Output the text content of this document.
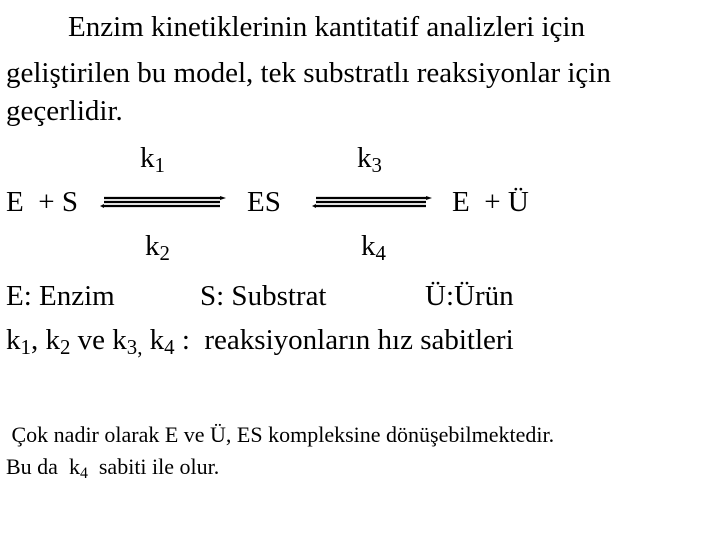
Enzim kinetiklerinin kantitatif analizleri için
geliştirilen bu model, tek substratlı reaksiyonlar için
geçerlidir.
$k_1$	$k_3$
E  + S	ES	E  + Ü
$k_2$	$k_4$
E: Enzim	S: Substrat	Ü:Ürün
$k_1$, $k_2$ ve $k_{3,}$ $k_4$ :  reaksiyonların hız sabitleri
Çok nadir olarak E ve Ü, ES kompleksine dönüşebilmektedir.
Bu da  $k_4$  sabiti ile olur.
